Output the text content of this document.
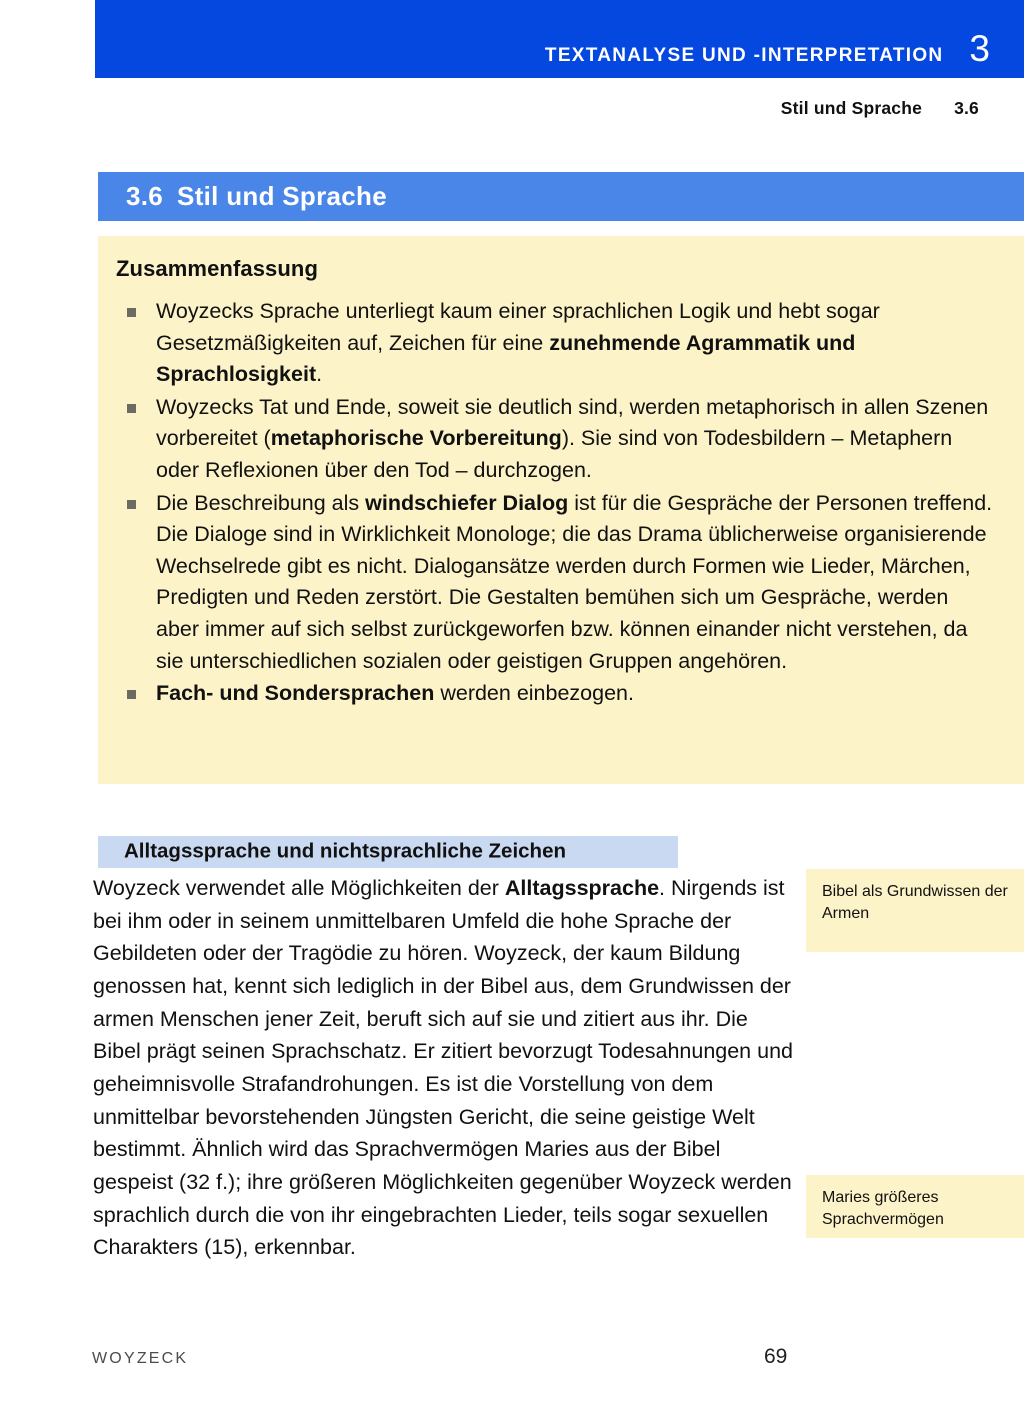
TEXTANALYSE UND -INTERPRETATION 3
Stil und Sprache 3.6
3.6 Stil und Sprache
Zusammenfassung
Woyzecks Sprache unterliegt kaum einer sprachlichen Logik und hebt sogar Gesetzmäßigkeiten auf, Zeichen für eine zunehmende Agrammatik und Sprachlosigkeit.
Woyzecks Tat und Ende, soweit sie deutlich sind, werden metaphorisch in allen Szenen vorbereitet (metaphorische Vorbereitung). Sie sind von Todesbildern – Metaphern oder Reflexionen über den Tod – durchzogen.
Die Beschreibung als windschiefer Dialog ist für die Gespräche der Personen treffend. Die Dialoge sind in Wirklichkeit Monologe; die das Drama üblicherweise organisierende Wechselrede gibt es nicht. Dialogansätze werden durch Formen wie Lieder, Märchen, Predigten und Reden zerstört. Die Gestalten bemühen sich um Gespräche, werden aber immer auf sich selbst zurückgeworfen bzw. können einander nicht verstehen, da sie unterschiedlichen sozialen oder geistigen Gruppen angehören.
Fach- und Sondersprachen werden einbezogen.
Alltagssprache und nichtsprachliche Zeichen

Woyzeck verwendet alle Möglichkeiten der Alltagssprache. Nirgends ist bei ihm oder in seinem unmittelbaren Umfeld die hohe Sprache der Gebildeten oder der Tragödie zu hören. Woyzeck, der kaum Bildung genossen hat, kennt sich lediglich in der Bibel aus, dem Grundwissen der armen Menschen jener Zeit, beruft sich auf sie und zitiert aus ihr. Die Bibel prägt seinen Sprachschatz. Er zitiert bevorzugt Todesahnungen und geheimnisvolle Strafandrohungen. Es ist die Vorstellung von dem unmittelbar bevorstehenden Jüngsten Gericht, die seine geistige Welt bestimmt. Ähnlich wird das Sprachvermögen Maries aus der Bibel gespeist (32 f.); ihre größeren Möglichkeiten gegenüber Woyzeck werden sprachlich durch die von ihr eingebrachten Lieder, teils sogar sexuellen Charakters (15), erkennbar.

Bibel als Grundwissen der Armen
Maries größeres Sprachvermögen
WOYZECK	69
